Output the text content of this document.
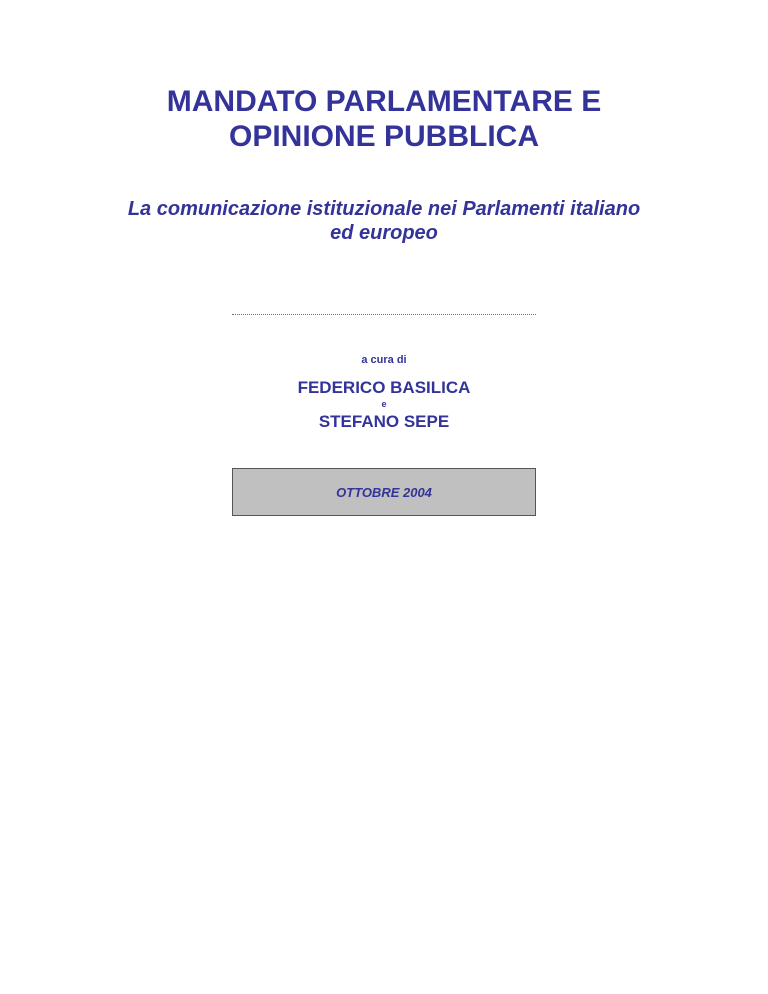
MANDATO PARLAMENTARE E
OPINIONE PUBBLICA
La comunicazione istituzionale nei Parlamenti italiano
ed europeo
a cura di
FEDERICO BASILICA
e
STEFANO SEPE
OTTOBRE 2004
